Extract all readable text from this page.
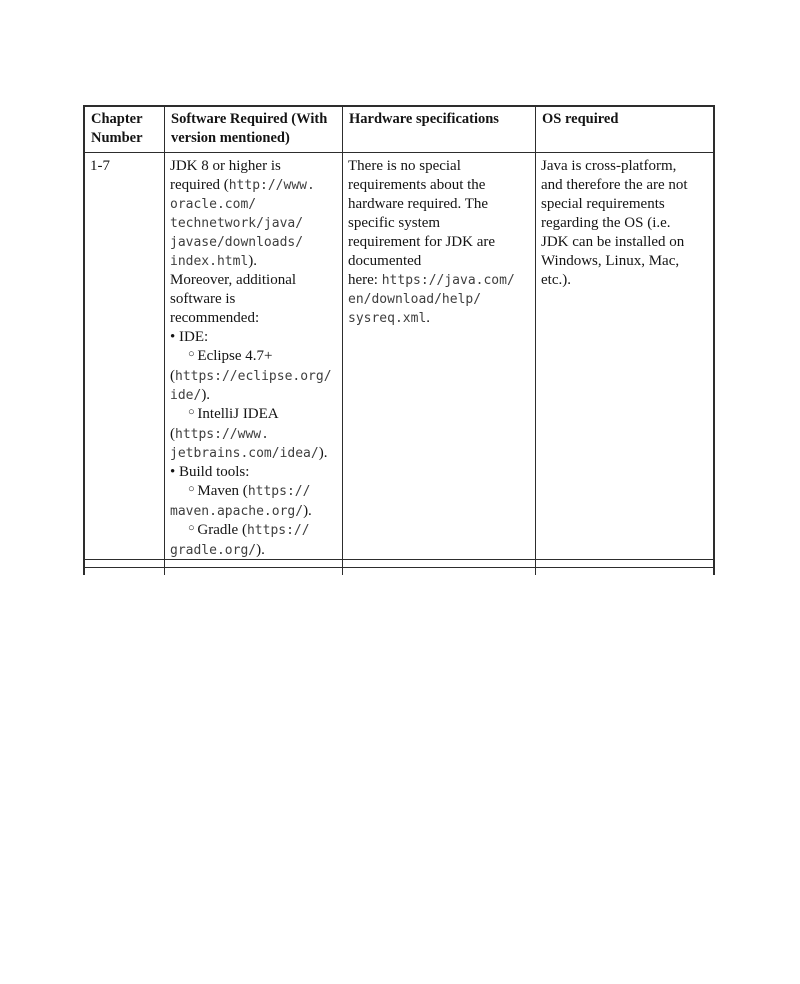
Chapter Number
Software Required (With version mentioned)
Hardware specifications	OS required
1-7	JDK 8 or higher is
required (http://www.
oracle.com/
technetwork/java/
javase/downloads/
index.html).
Moreover, additional
software is
recommended:
• IDE:
○ Eclipse 4.7+
(https://eclipse.org/
ide/).
○ IntelliJ IDEA
(https://www.
jetbrains.com/idea/).
• Build tools:
○ Maven (https://
maven.apache.org/).
○ Gradle (https://
gradle.org/).
There is no special
requirements about the
hardware required. The
specific system
requirement for JDK are
documented
here: https://java.com/
en/download/help/
sysreq.xml.
Java is cross-platform,
and therefore the are not
special requirements
regarding the OS (i.e.
JDK can be installed on
Windows, Linux, Mac,
etc.).
